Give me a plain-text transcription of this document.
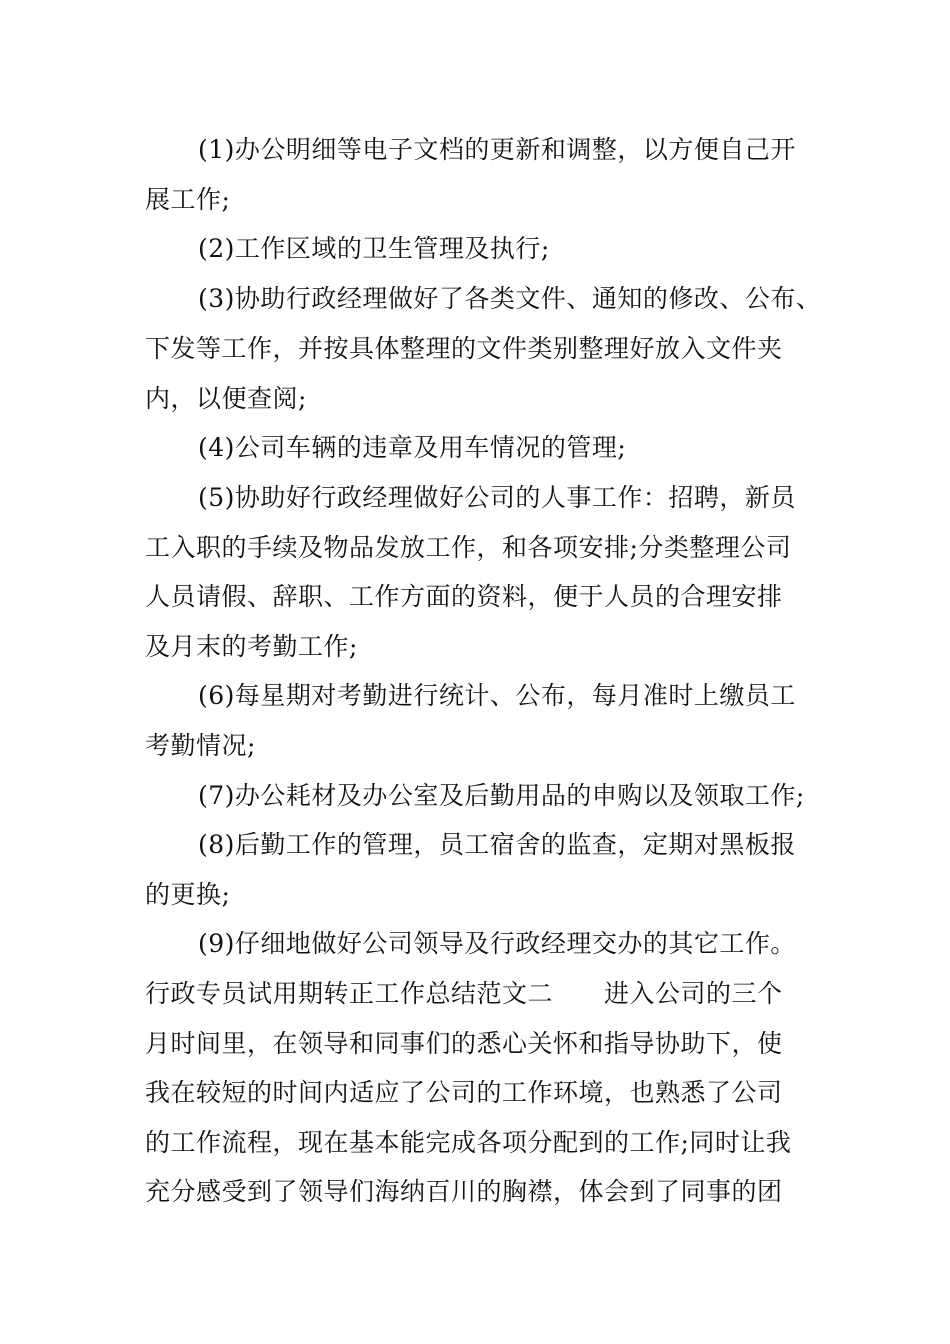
(1)办公明细等电子文档的更新和调整，以方便自己开
展工作;
(2)工作区域的卫生管理及执行;
(3)协助行政经理做好了各类文件、通知的修改、公布、
下发等工作，并按具体整理的文件类别整理好放入文件夹
内，以便查阅;
(4)公司车辆的违章及用车情况的管理;
(5)协助好行政经理做好公司的人事工作：招聘，新员
工入职的手续及物品发放工作，和各项安排;分类整理公司
人员请假、辞职、工作方面的资料，便于人员的合理安排
及月末的考勤工作;
(6)每星期对考勤进行统计、公布，每月准时上缴员工
考勤情况;
(7)办公耗材及办公室及后勤用品的申购以及领取工作;
(8)后勤工作的管理，员工宿舍的监查，定期对黑板报
的更换;
(9)仔细地做好公司领导及行政经理交办的其它工作。
行政专员试用期转正工作总结范文二　　进入公司的三个
月时间里，在领导和同事们的悉心关怀和指导协助下，使
我在较短的时间内适应了公司的工作环境，也熟悉了公司
的工作流程，现在基本能完成各项分配到的工作;同时让我
充分感受到了领导们海纳百川的胸襟，体会到了同事的团
